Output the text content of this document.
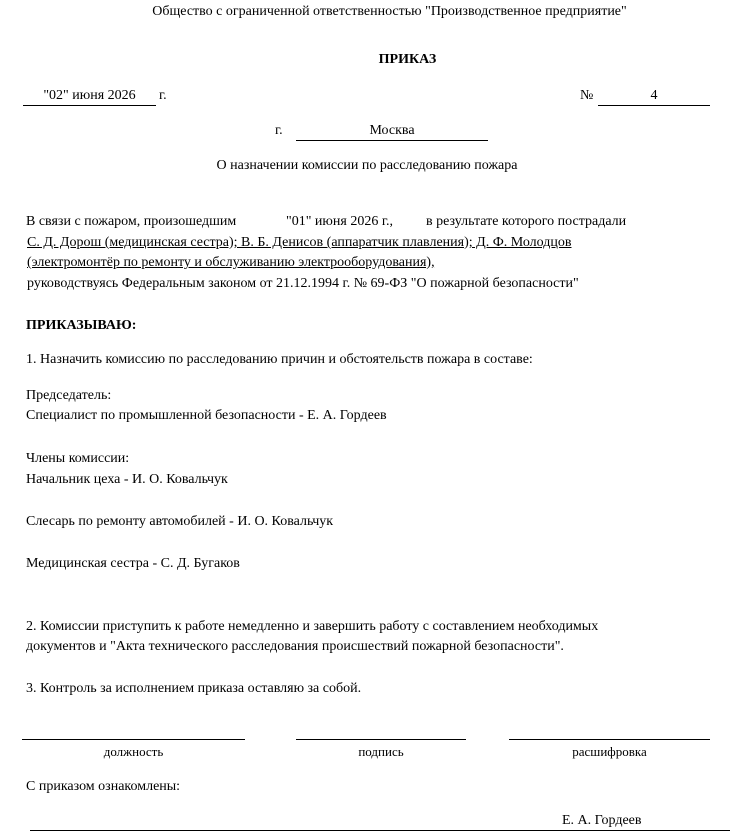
Общество с ограниченной ответственностью "Производственное предприятие"
ПРИКАЗ
"02" июня 2026	г.	№	4
г.	Москва
О назначении комиссии по расследованию пожара
В связи с пожаром, произошедшим	"01" июня 2026 г., в результате которого пострадали
С. Д. Дорош (медицинская сестра); В. Б. Денисов (аппаратчик плавления); Д. Ф. Молодцов
(электромонтёр по ремонту и обслуживанию электрооборудования),
руководствуясь Федеральным законом от 21.12.1994 г. № 69-ФЗ "О пожарной безопасности"
ПРИКАЗЫВАЮ:
1. Назначить комиссию по расследованию причин и обстоятельств пожара в составе:
Председатель:
Специалист по промышленной безопасности - Е. А. Гордеев
Члены комиссии:
Начальник цеха - И. О. Ковальчук
Слесарь по ремонту автомобилей - И. О. Ковальчук
Медицинская сестра - С. Д. Бугаков
2. Комиссии приступить к работе немедленно и завершить работу с составлением необходимых
документов и "Акта технического расследования происшествий пожарной безопасности".
3. Контроль за исполнением приказа оставляю за собой.
должность	подпись	расшифровка
С приказом ознакомлены:
Е. А. Гордеев
